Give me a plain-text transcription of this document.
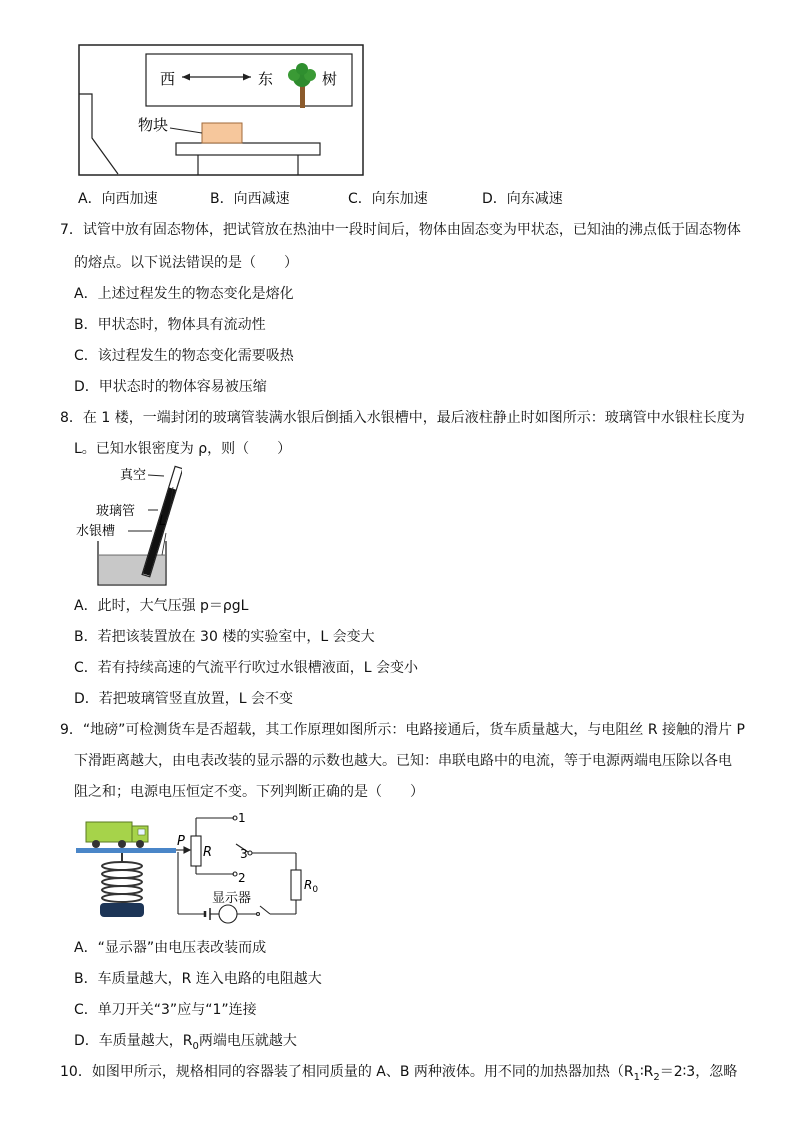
西	东	树
物块
A．向西加速	B．向西减速	C．向东加速	D．向东减速
7．试管中放有固态物体，把试管放在热油中一段时间后，物体由固态变为甲状态，已知油的沸点低于固态物体
的熔点。以下说法错误的是（　　）
A．上述过程发生的物态变化是熔化
B．甲状态时，物体具有流动性
C．该过程发生的物态变化需要吸热
D．甲状态时的物体容易被压缩
8．在 1 楼，一端封闭的玻璃管装满水银后倒插入水银槽中，最后液柱静止时如图所示：玻璃管中水银柱长度为
L。已知水银密度为 ρ，则（　　）
真空
玻璃管
水银槽
L
A．此时，大气压强 p＝ρgL
B．若把该装置放在 30 楼的实验室中，L 会变大
C．若有持续高速的气流平行吹过水银槽液面，L 会变小
D．若把玻璃管竖直放置，L 会不变
9．“地磅”可检测货车是否超载，其工作原理如图所示：电路接通后，货车质量越大，与电阻丝 R 接触的滑片 P
下滑距离越大，由电表改装的显示器的示数也越大。已知：串联电路中的电流，等于电源两端电压除以各电
阻之和；电源电压恒定不变。下列判断正确的是（　　）
P
R
1
2
3
$R_0$
显示器
A．“显示器”由电压表改装而成
B．车质量越大，R 连入电路的电阻越大
C．单刀开关“3”应与“1”连接
D．车质量越大，$R_0$两端电压就越大
10．如图甲所示，规格相同的容器装了相同质量的 A、B 两种液体。用不同的加热器加热（$R_1∶R_2=2∶3$，忽略
